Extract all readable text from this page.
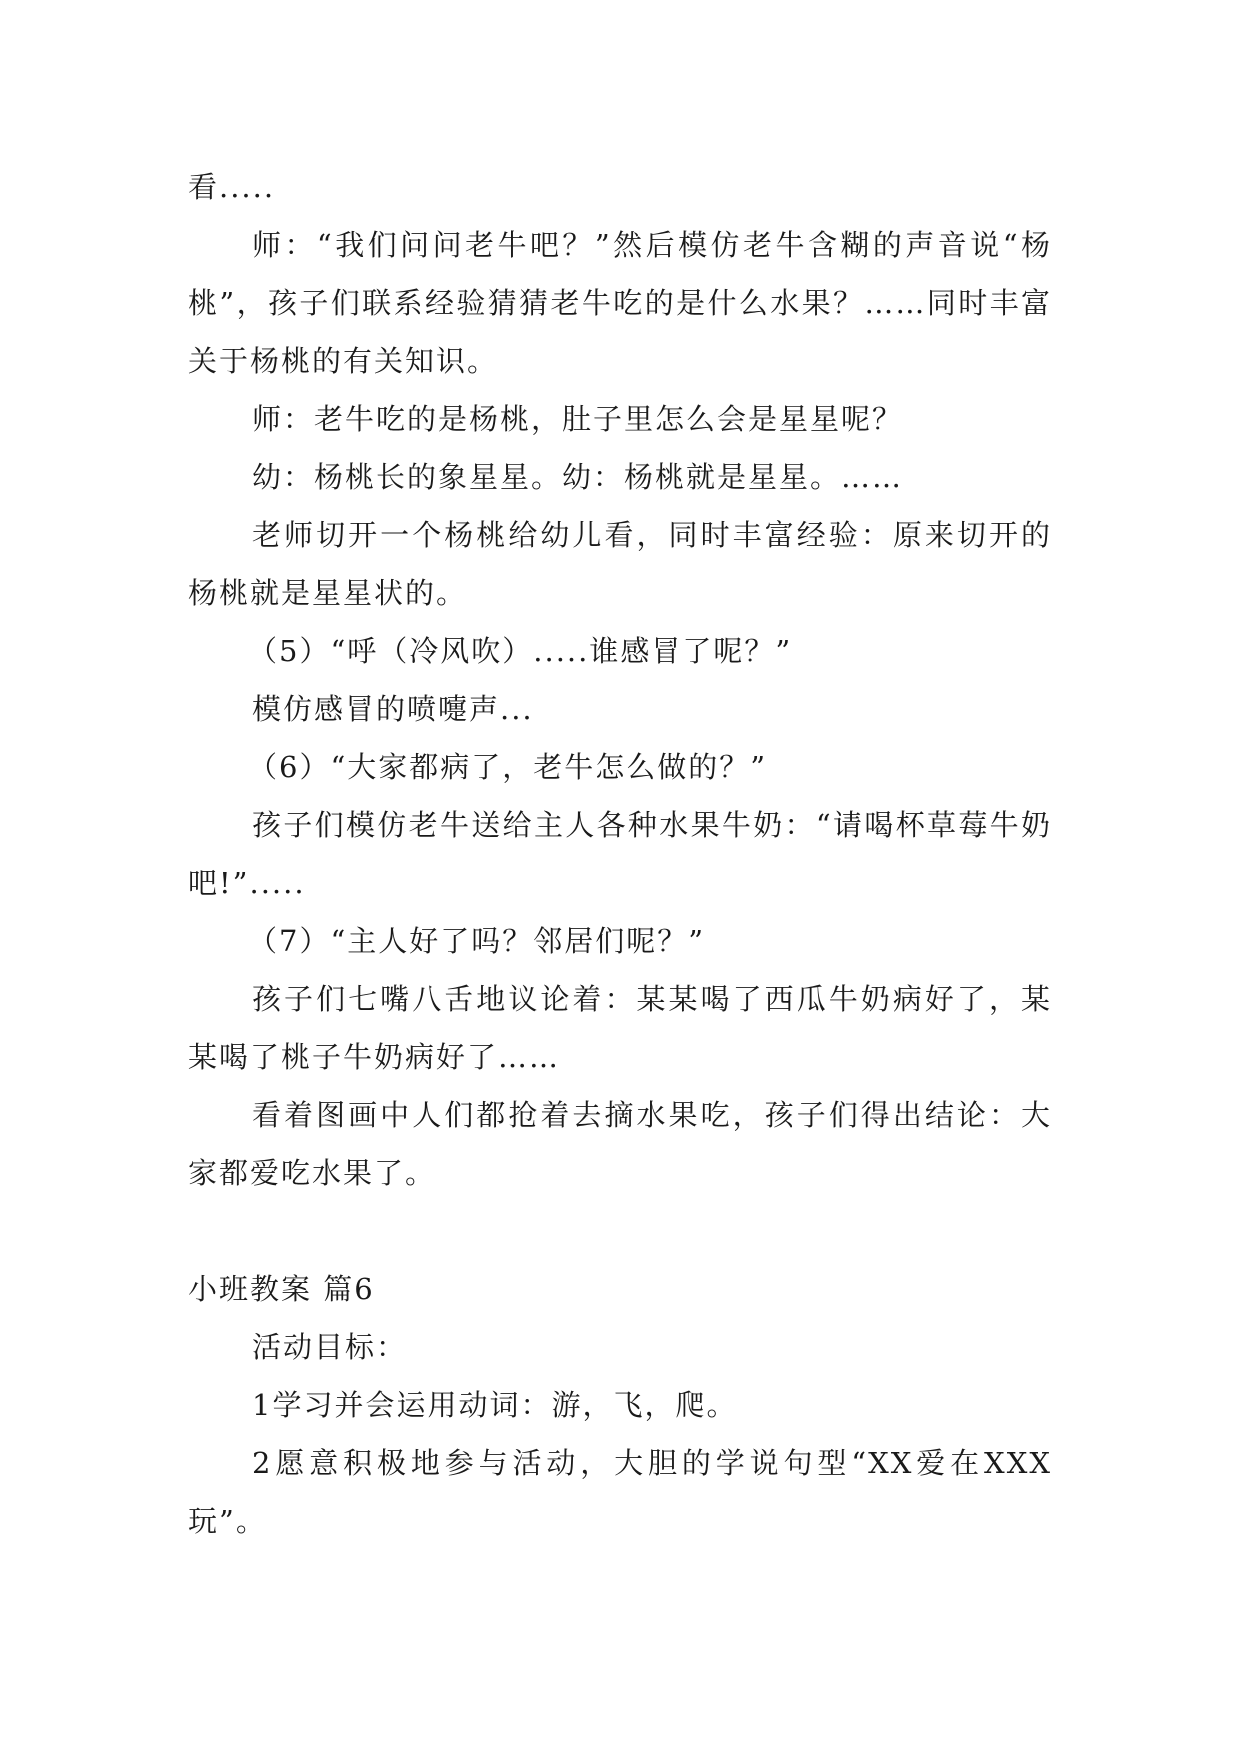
看.....

师：“我们问问老牛吧？”然后模仿老牛含糊的声音说“杨桃”，孩子们联系经验猜猜老牛吃的是什么水果？……同时丰富关于杨桃的有关知识。

师：老牛吃的是杨桃，肚子里怎么会是星星呢？

幼：杨桃长的象星星。幼：杨桃就是星星。……

老师切开一个杨桃给幼儿看，同时丰富经验：原来切开的杨桃就是星星状的。

（5）“呼（冷风吹）.....谁感冒了呢？”

模仿感冒的喷嚏声...

（6）“大家都病了，老牛怎么做的？”

孩子们模仿老牛送给主人各种水果牛奶：“请喝杯草莓牛奶吧!”.....

（7）“主人好了吗？邻居们呢？”

孩子们七嘴八舌地议论着：某某喝了西瓜牛奶病好了，某某喝了桃子牛奶病好了……

看着图画中人们都抢着去摘水果吃，孩子们得出结论：大家都爱吃水果了。

小班教案 篇6

活动目标：

1学习并会运用动词：游，飞，爬。

2愿意积极地参与活动，大胆的学说句型“XX爱在XXX玩”。
